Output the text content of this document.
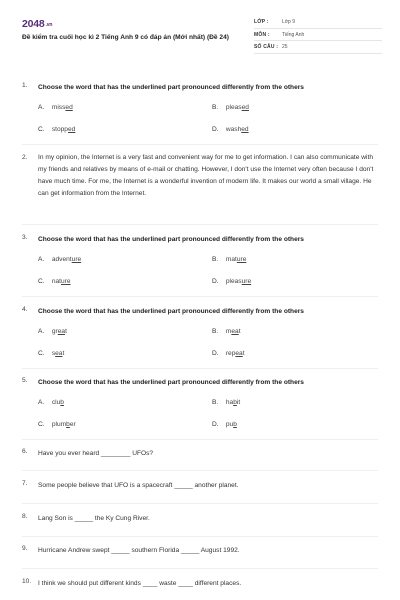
2048.vn
Đề kiểm tra cuối học kì 2 Tiếng Anh 9 có đáp án (Mới nhất) (Đề 24)
LỚP :	Lớp 9
MÔN : Tiếng Anh
SỐ CÂU : 25
1. Choose the word that has the underlined part pronounced differently from the others
A. missed	B. pleased
C. stopped	D. washed
2. In my opinion, the Internet is a very fast and convenient way for me to get information. I can also communicate with my friends and relatives by means of e-mail or chatting. However, I don't use the Internet very often because I don't have much time. For me, the Internet is a wonderful invention of modern life. It makes our world a small village. He can get information from the Internet.
3. Choose the word that has the underlined part pronounced differently from the others
A. adventure	B. mature
C. nature	D. pleasure
4. Choose the word that has the underlined part pronounced differently from the others
A. great	B. meat
C. seat	D. repeat
5. Choose the word that has the underlined part pronounced differently from the others
A. club	B. habit
C. plumber	D. pub
6. Have you ever heard ________ UFOs?
7. Some people believe that UFO is a spacecraft _____ another planet.
8. Lang Son is _____ the Ky Cung River.
9. Hurricane Andrew swept _____ southern Florida _____ August 1992.
10. I think we should put different kinds ____ waste ____ different places.
